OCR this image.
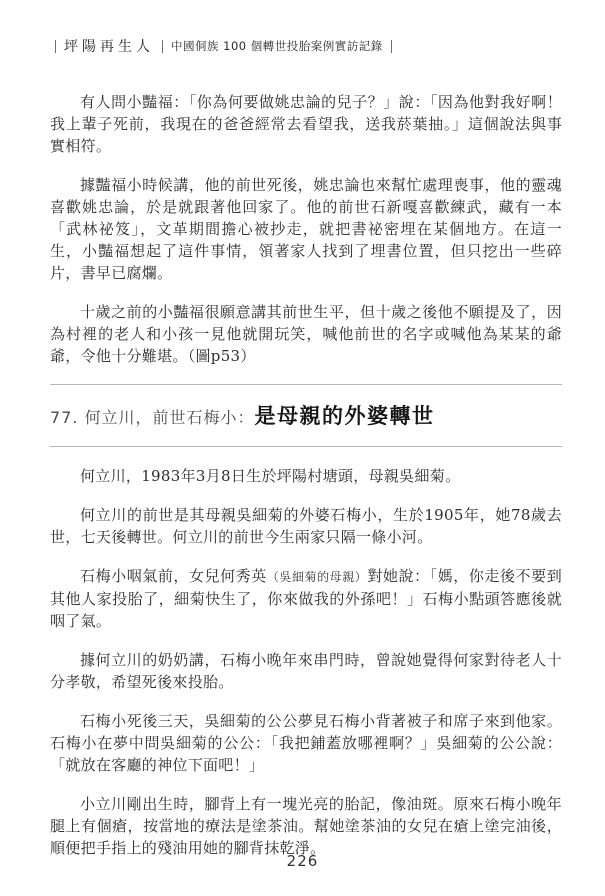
坪陽再生人 中國侗族 100 個轉世投胎案例實訪記錄

有人問小豔福：「你為何要做姚忠論的兒子？」說：「因為他對我好啊！我上輩子死前，我現在的爸爸經常去看望我，送我菸葉抽。」這個說法與事實相符。

據豔福小時候講，他的前世死後，姚忠論也來幫忙處理喪事，他的靈魂喜歡姚忠論，於是就跟著他回家了。他的前世石新嘎喜歡練武，藏有一本「武林祕笈」，文革期間擔心被抄走，就把書祕密埋在某個地方。在這一生，小豔福想起了這件事情，領著家人找到了埋書位置，但只挖出一些碎片，書早已腐爛。

十歲之前的小豔福很願意講其前世生平，但十歲之後他不願提及了，因為村裡的老人和小孩一見他就開玩笑，喊他前世的名字或喊他為某某的爺爺，令他十分難堪。（圖p53）

77. 何立川，前世石梅小：是母親的外婆轉世

何立川，1983年3月8日生於坪陽村塘頭，母親吳細菊。

何立川的前世是其母親吳細菊的外婆石梅小，生於1905年，她78歲去世，七天後轉世。何立川的前世今生兩家只隔一條小河。

石梅小咽氣前，女兒何秀英（吳細菊的母親）對她說：「媽，你走後不要到其他人家投胎了，細菊快生了，你來做我的外孫吧！」石梅小點頭答應後就咽了氣。

據何立川的奶奶講，石梅小晚年來串門時，曾說她覺得何家對待老人十分孝敬，希望死後來投胎。

石梅小死後三天，吳細菊的公公夢見石梅小背著被子和席子來到他家。石梅小在夢中問吳細菊的公公：「我把鋪蓋放哪裡啊？」吳細菊的公公說：「就放在客廳的神位下面吧！」

小立川剛出生時，腳背上有一塊光亮的胎記，像油斑。原來石梅小晚年腿上有個瘡，按當地的療法是塗茶油。幫她塗茶油的女兒在瘡上塗完油後，順便把手指上的殘油用她的腳背抹乾淨。

226
